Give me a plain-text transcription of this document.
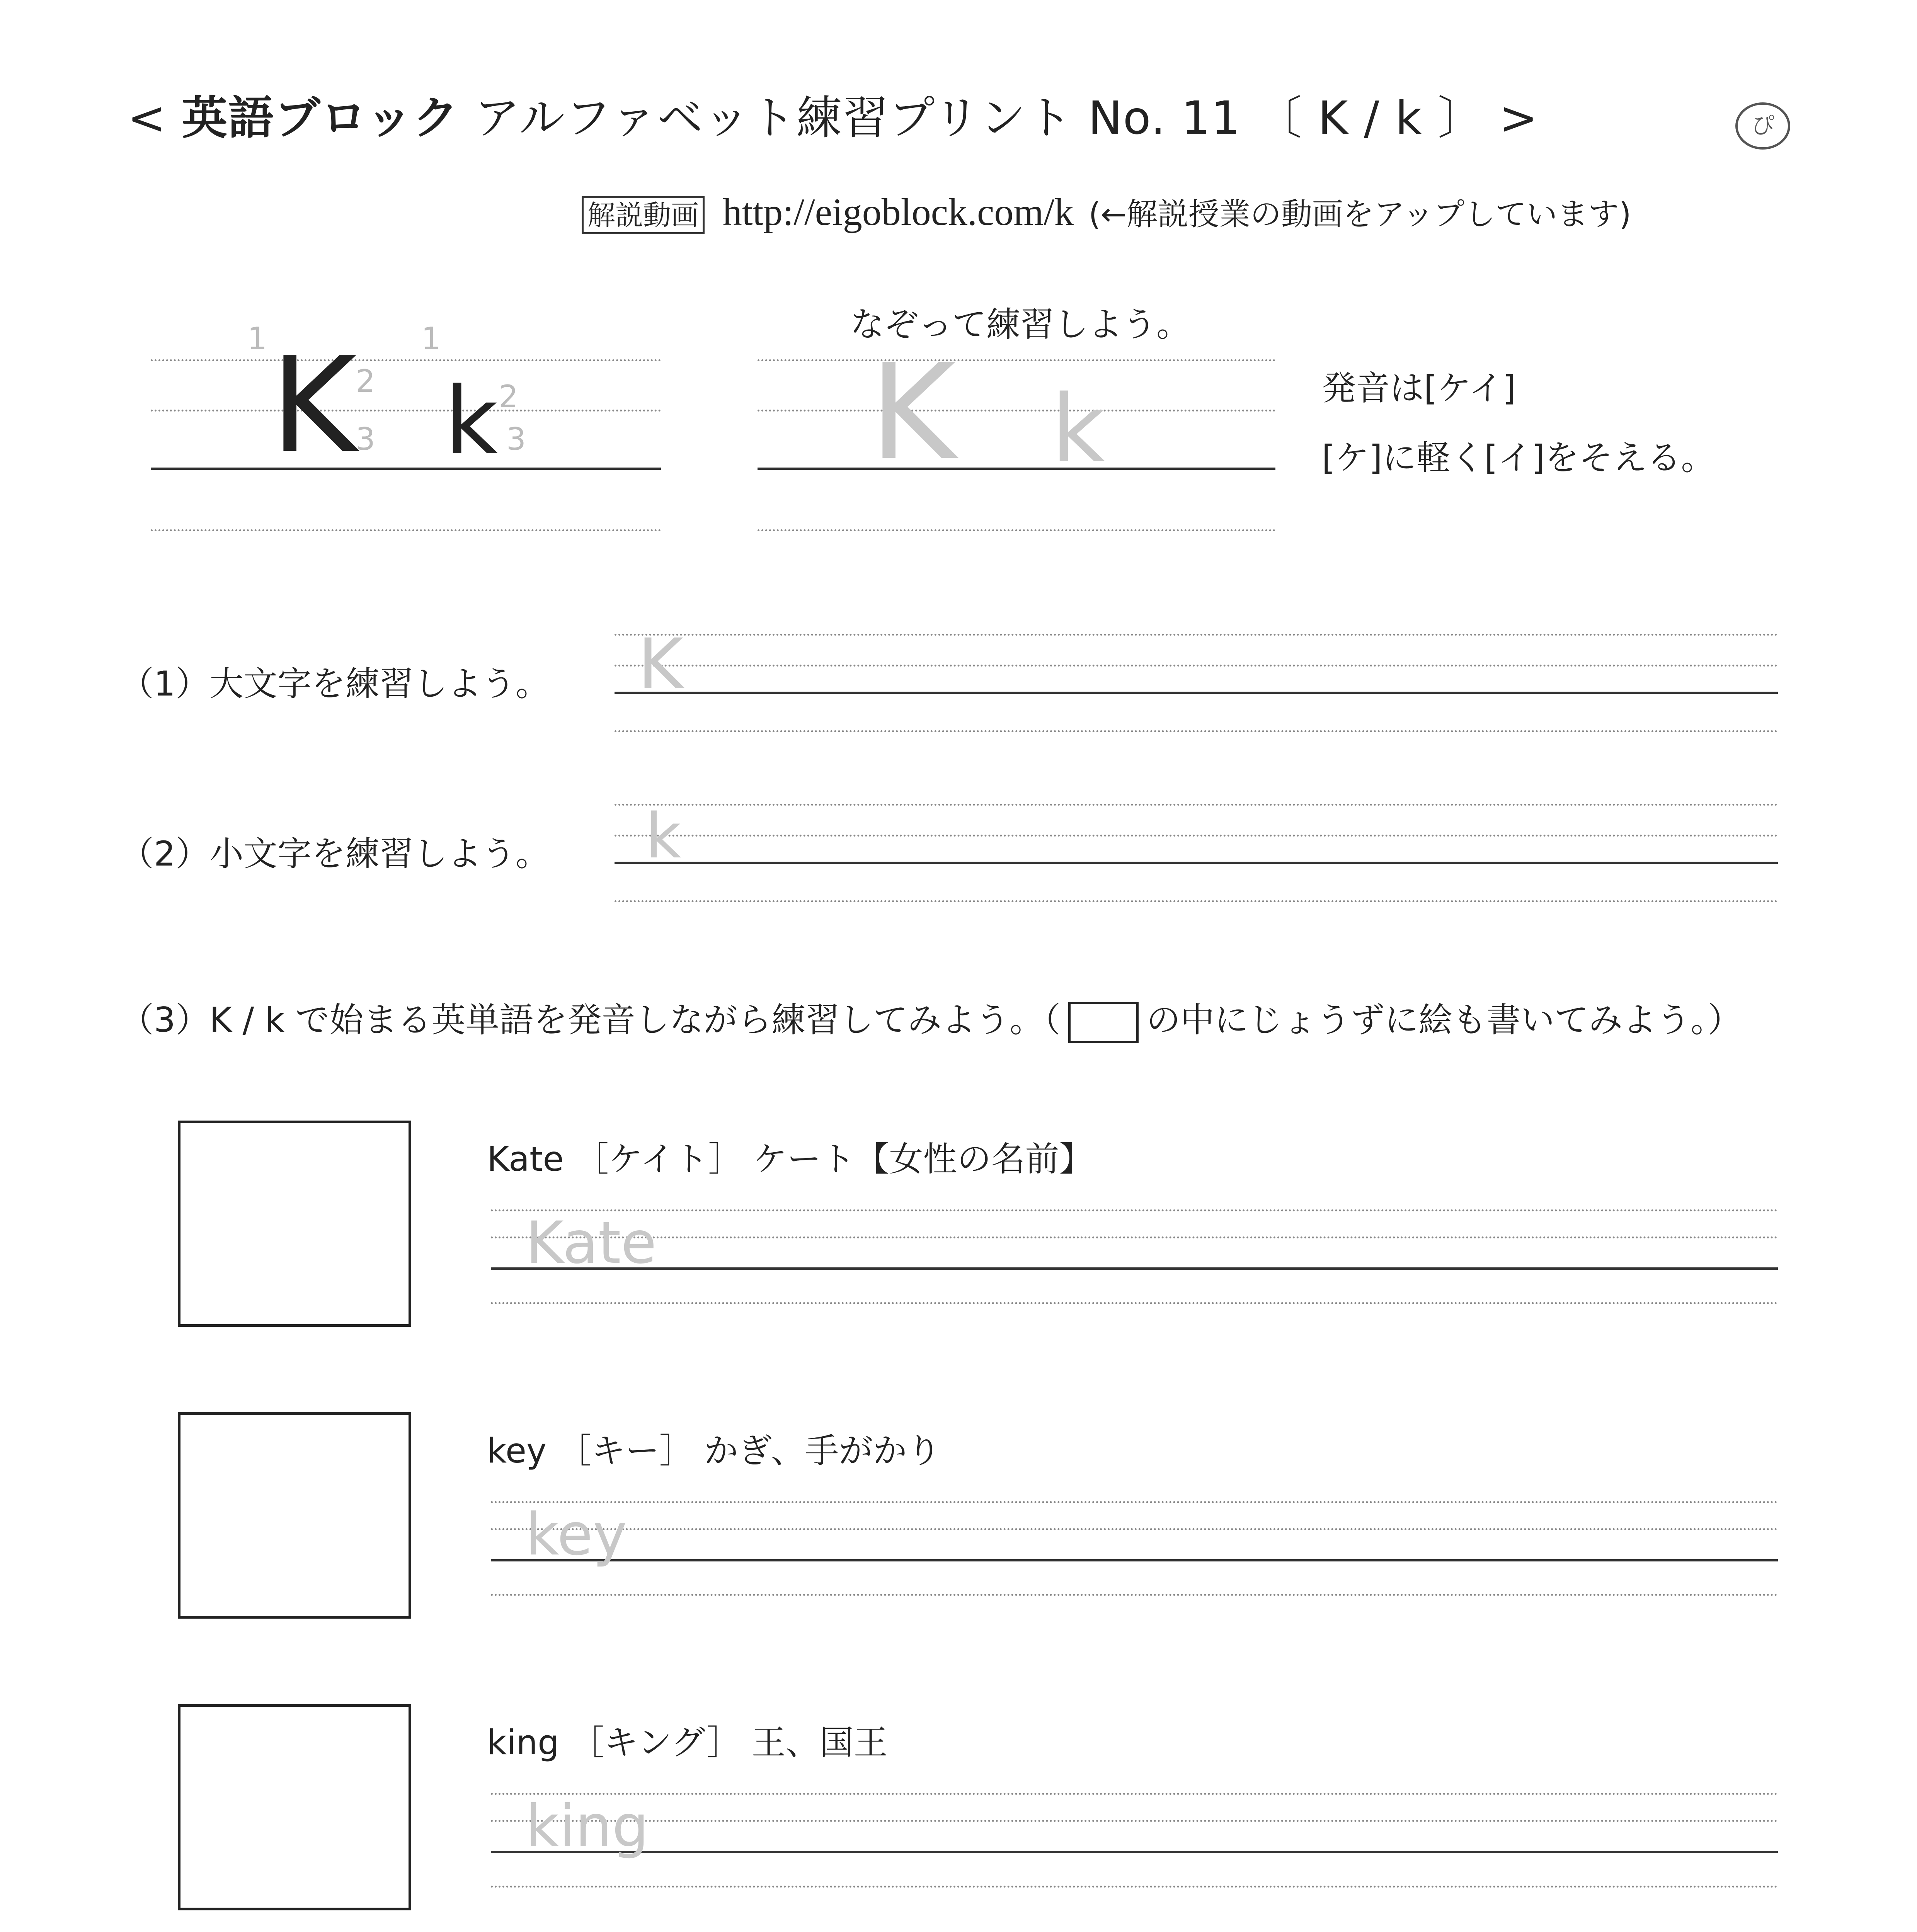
< 英語ブロック アルファベット練習プリント No. 11 〔 K / k 〕 >	ぴ
解説動画 http://eigoblock.com/k (←解説授業の動画をアップしています)
K k
1
2
3
1
2
3
なぞって練習しよう。
K k	発音は[ケイ]
[ケ]に軽く[イ]をそえる。
（1）大文字を練習しよう。 K
（2）小文字を練習しよう。 k
（3）K / k で始まる英単語を発音しながら練習してみよう。（	の中にじょうずに絵も書いてみよう。）
Kate ［ケイト］ ケート【女性の名前】
Kate
key ［キー］ かぎ、手がかり
key
king ［キング］ 王、国王
king
